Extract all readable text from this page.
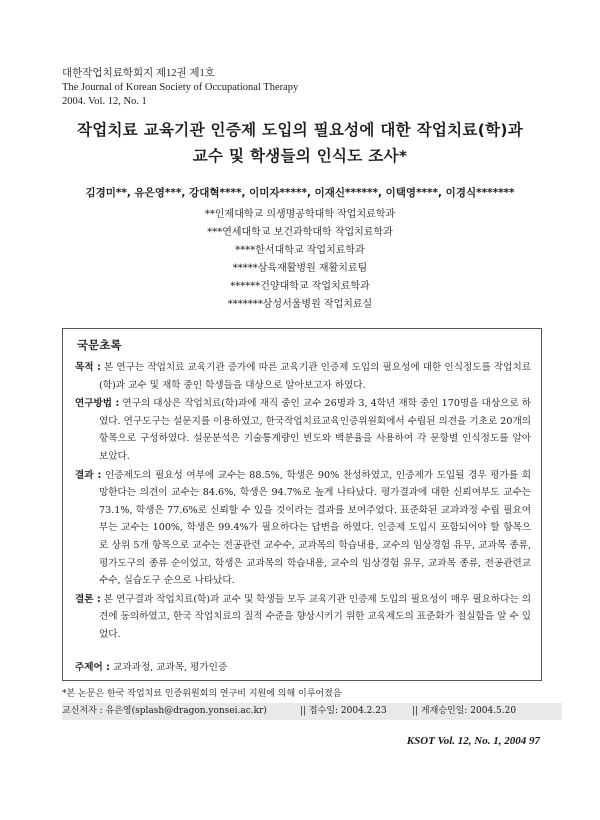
대한작업치료학회지 제12권 제1호
The Journal of Korean Society of Occupational Therapy
2004. Vol. 12, No. 1
작업치료 교육기관 인증제 도입의 필요성에 대한 작업치료(학)과
교수 및 학생들의 인식도 조사*
김경미**, 유은영***, 강대혁****, 이미자*****, 이재신******, 이택영****, 이경식*******
**인제대학교 의생명공학대학 작업치료학과
***연세대학교 보건과학대학 작업치료학과
****한서대학교 작업치료학과
*****삼육재활병원 재활치료팀
******건양대학교 작업치료학과
*******삼성서울병원 작업치료실
국문초록

목적 : 본 연구는 작업치료 교육기관 증가에 따른 교육기관 인증제 도입의 필요성에 대한 인식정도를 작업치료(학)과 교수 및 재학 중인 학생들을 대상으로 알아보고자 하였다.

연구방법 : 연구의 대상은 작업치료(학)과에 재직 중인 교수 26명과 3, 4학년 재학 중인 170명을 대상으로 하였다. 연구도구는 설문지를 이용하였고, 한국작업치료교육인증위원회에서 수립된 의견을 기초로 20개의 항목으로 구성하였다. 설문분석은 기술통계량인 빈도와 백분율을 사용하여 각 문항별 인식정도를 알아보았다.

결과 : 인증제도의 필요성 여부에 교수는 88.5%, 학생은 90% 찬성하였고, 인증제가 도입될 경우 평가를 희망한다는 의견이 교수는 84.6%, 학생은 94.7%로 높게 나타났다. 평가결과에 대한 신뢰여부도 교수는 73.1%, 학생은 77.6%로 신뢰할 수 있을 것이라는 결과를 보여주었다. 표준화된 교과과정 수립 필요여부는 교수는 100%, 학생은 99.4%가 필요하다는 답변을 하였다. 인증제 도입시 포함되어야 할 항목으로 상위 5개 항목으로 교수는 전공관련 교수수, 교과목의 학습내용, 교수의 임상경험 유무, 교과목 종류, 평가도구의 종류 순이었고, 학생은 교과목의 학습내용, 교수의 임상경험 유무, 교과목 종류, 전공관련교수수, 실습도구 순으로 나타났다.

결론 : 본 연구결과 작업치료(학)과 교수 및 학생들 모두 교육기관 인증제 도입의 필요성이 매우 필요하다는 의견에 동의하였고, 한국 작업치료의 질적 수준을 향상시키기 위한 교육제도의 표준화가 절실함을 알 수 있었다.

주제어 : 교과과정, 교과목, 평가인증
*본 논문은 한국 작업치료 인증위원회의 연구비 지원에 의해 이루어졌음
교신저자 : 유은영(splash@dragon.yonsei.ac.kr)	|| 접수일: 2004.2.23	|| 게재승인일: 2004.5.20
KSOT Vol. 12, No. 1, 2004 97
